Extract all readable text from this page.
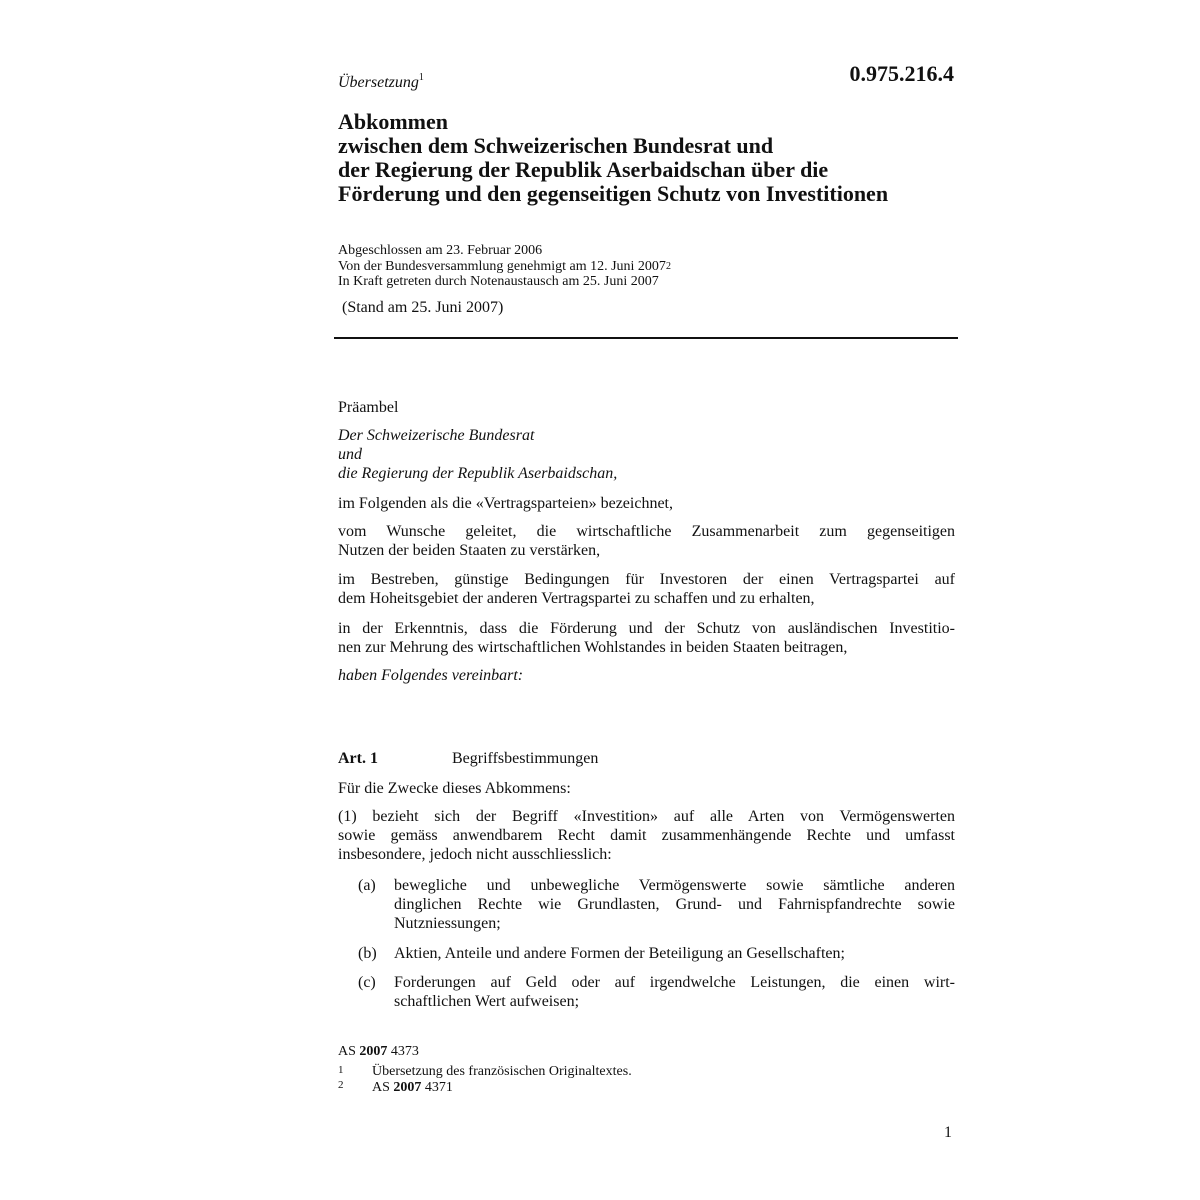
Übersetzung$^1$	0.975.216.4
Abkommen
zwischen dem Schweizerischen Bundesrat und
der Regierung der Republik Aserbaidschan über die
Förderung und den gegenseitigen Schutz von Investitionen
Abgeschlossen am 23. Februar 2006
Von der Bundesversammlung genehmigt am 12. Juni 2007$^2$
In Kraft getreten durch Notenaustausch am 25. Juni 2007
(Stand am 25. Juni 2007)
Präambel
Der Schweizerische Bundesrat
und
die Regierung der Republik Aserbaidschan,
im Folgenden als die «Vertragsparteien» bezeichnet,
vom Wunsche geleitet, die wirtschaftliche Zusammenarbeit zum gegenseitigen
Nutzen der beiden Staaten zu verstärken,
im Bestreben, günstige Bedingungen für Investoren der einen Vertragspartei auf
dem Hoheitsgebiet der anderen Vertragspartei zu schaffen und zu erhalten,
in der Erkenntnis, dass die Förderung und der Schutz von ausländischen Investitio-
nen zur Mehrung des wirtschaftlichen Wohlstandes in beiden Staaten beitragen,
haben Folgendes vereinbart:
Art. 1	Begriffsbestimmungen
Für die Zwecke dieses Abkommens:
(1) bezieht sich der Begriff «Investition» auf alle Arten von Vermögenswerten
sowie gemäss anwendbarem Recht damit zusammenhängende Rechte und umfasst
insbesondere, jedoch nicht ausschliesslich:
(a) bewegliche und unbewegliche Vermögenswerte sowie sämtliche anderen
dinglichen Rechte wie Grundlasten, Grund- und Fahrnispfandrechte sowie
Nutzniessungen;
(b) Aktien, Anteile und andere Formen der Beteiligung an Gesellschaften;
(c) Forderungen auf Geld oder auf irgendwelche Leistungen, die einen wirt-
schaftlichen Wert aufweisen;
AS 2007 4373
1 Übersetzung des französischen Originaltextes.
2 AS 2007 4371
1
